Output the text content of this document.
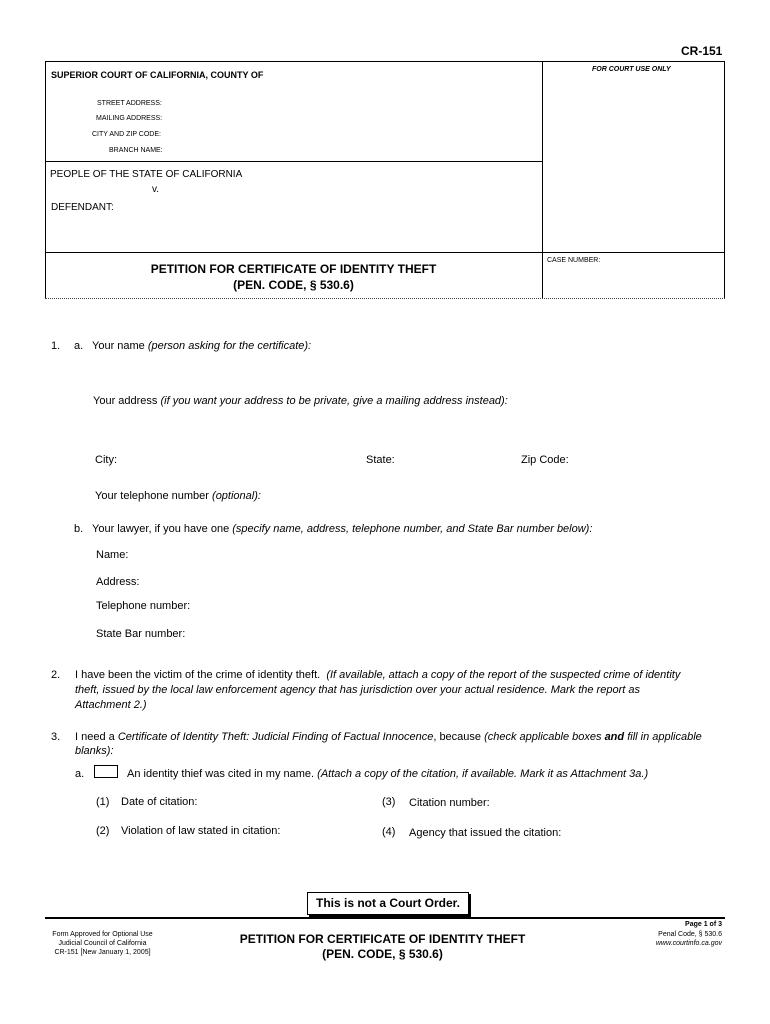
CR-151
SUPERIOR COURT OF CALIFORNIA, COUNTY OF
FOR COURT USE ONLY
STREET ADDRESS:
MAILING ADDRESS:
CITY AND ZIP CODE:
BRANCH NAME:
PEOPLE OF THE STATE OF CALIFORNIA
v.
DEFENDANT:
CASE NUMBER:
PETITION FOR CERTIFICATE OF IDENTITY THEFT
(PEN. CODE, § 530.6)
1. a. Your name (person asking for the certificate):
Your address (if you want your address to be private, give a mailing address instead):
City:	State:	Zip Code:
Your telephone number (optional):
b. Your lawyer, if you have one (specify name, address, telephone number, and State Bar number below):
Name:
Address:
Telephone number:
State Bar number:
2. I have been the victim of the crime of identity theft. (If available, attach a copy of the report of the suspected crime of identity
theft, issued by the local law enforcement agency that has jurisdiction over your actual residence. Mark the report as
Attachment 2.)
3. I need a Certificate of Identity Theft: Judicial Finding of Factual Innocence, because (check applicable boxes and fill in applicable
blanks):
a.	An identity thief was cited in my name. (Attach a copy of the citation, if available. Mark it as Attachment 3a.)
(1) Date of citation:	(3) Citation number:
(2) Violation of law stated in citation:	(4) Agency that issued the citation:
This is not a Court Order.
Page 1 of 3
Form Approved for Optional Use
Judicial Council of California
CR-151 [New January 1, 2005]
PETITION FOR CERTIFICATE OF IDENTITY THEFT
(PEN. CODE, § 530.6)
Penal Code, § 530.6
www.courtinfo.ca.gov
